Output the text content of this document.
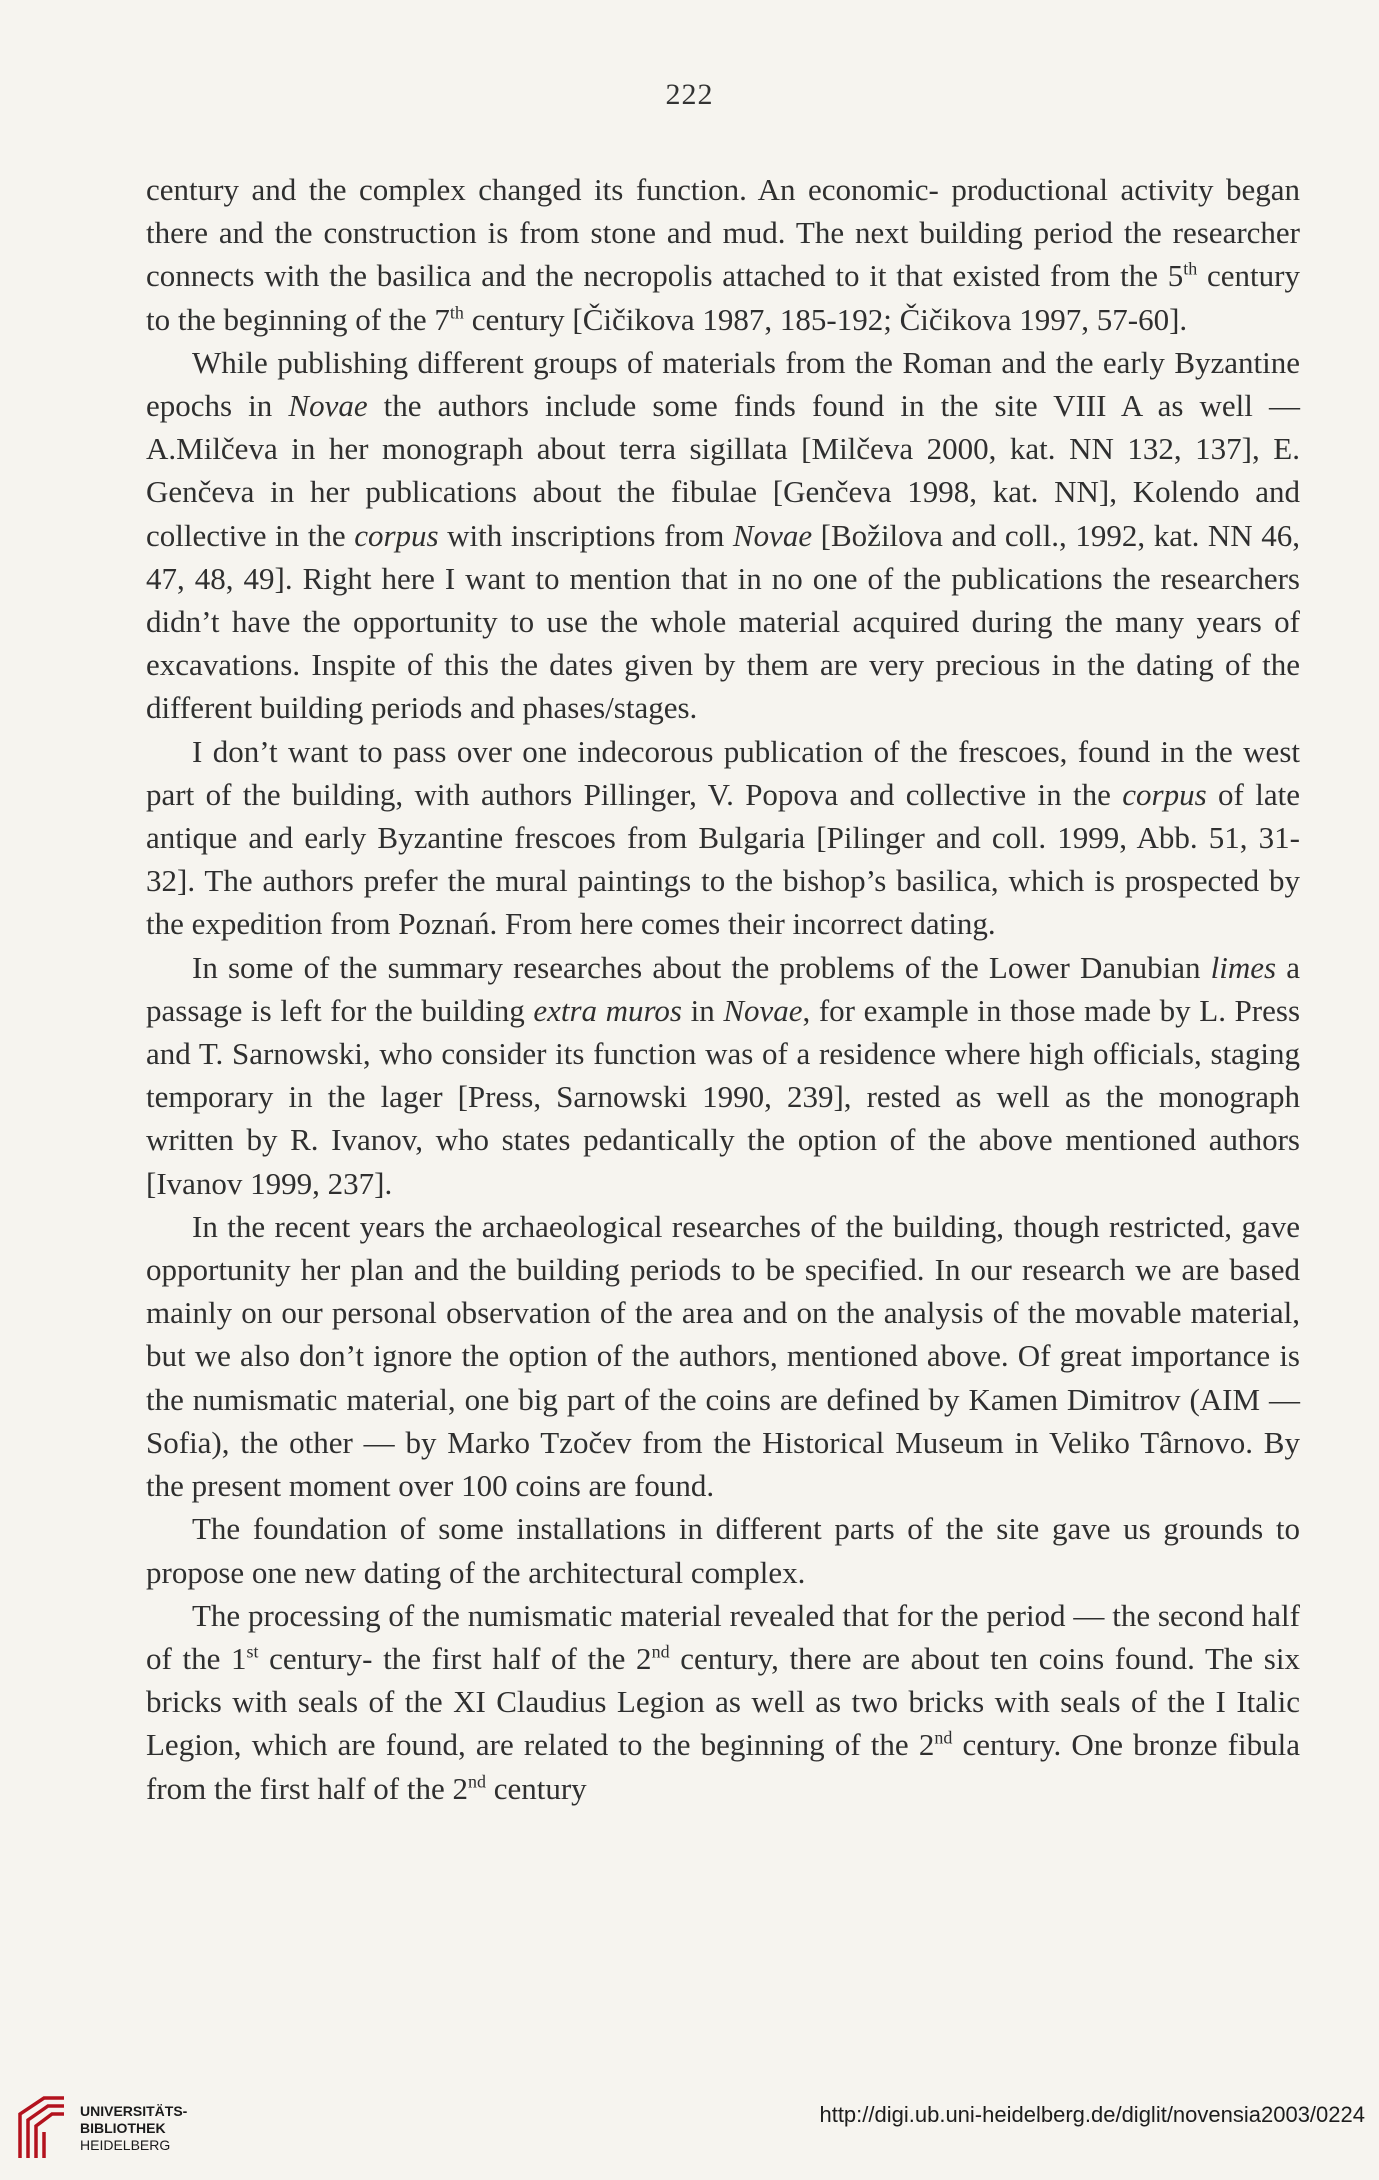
222

century and the complex changed its function. An economic- productional activity began there and the construction is from stone and mud. The next building period the researcher connects with the basilica and the necropolis attached to it that existed from the 5th century to the beginning of the 7th century [Čičikova 1987, 185-192; Čičikova 1997, 57-60].

While publishing different groups of materials from the Roman and the early Byzantine epochs in Novae the authors include some finds found in the site VIII A as well — A.Milčeva in her monograph about terra sigillata [Milčeva 2000, kat. NN 132, 137], E. Genčeva in her publications about the fibulae [Genčeva 1998, kat. NN], Kolendo and collective in the corpus with inscriptions from Novae [Božilova and coll., 1992, kat. NN 46, 47, 48, 49]. Right here I want to mention that in no one of the publications the researchers didn’t have the opportunity to use the whole material acquired during the many years of excavations. Inspite of this the dates given by them are very precious in the dating of the different building periods and phases/stages.

I don’t want to pass over one indecorous publication of the frescoes, found in the west part of the building, with authors Pillinger, V. Popova and collective in the corpus of late antique and early Byzantine frescoes from Bulgaria [Pilinger and coll. 1999, Abb. 51, 31-32]. The authors prefer the mural paintings to the bishop’s basilica, which is prospected by the expedition from Poznań. From here comes their incorrect dating.

In some of the summary researches about the problems of the Lower Danubian limes a passage is left for the building extra muros in Novae, for example in those made by L. Press and T. Sarnowski, who consider its function was of a residence where high officials, staging temporary in the lager [Press, Sarnowski 1990, 239], rested as well as the monograph written by R. Ivanov, who states pedantically the option of the above mentioned authors [Ivanov 1999, 237].

In the recent years the archaeological researches of the building, though restricted, gave opportunity her plan and the building periods to be specified. In our research we are based mainly on our personal observation of the area and on the analysis of the movable material, but we also don’t ignore the option of the authors, mentioned above. Of great importance is the numismatic material, one big part of the coins are defined by Kamen Dimitrov (AIM — Sofia), the other — by Marko Tzočev from the Historical Museum in Veliko Târnovo. By the present moment over 100 coins are found.

The foundation of some installations in different parts of the site gave us grounds to propose one new dating of the architectural complex.

The processing of the numismatic material revealed that for the period — the second half of the 1st century- the first half of the 2nd century, there are about ten coins found. The six bricks with seals of the XI Claudius Legion as well as two bricks with seals of the I Italic Legion, which are found, are related to the beginning of the 2nd century. One bronze fibula from the first half of the 2nd century

UNIVERSITÄTS-
BIBLIOTHEK
HEIDELBERG
http://digi.ub.uni-heidelberg.de/diglit/novensia2003/0224
